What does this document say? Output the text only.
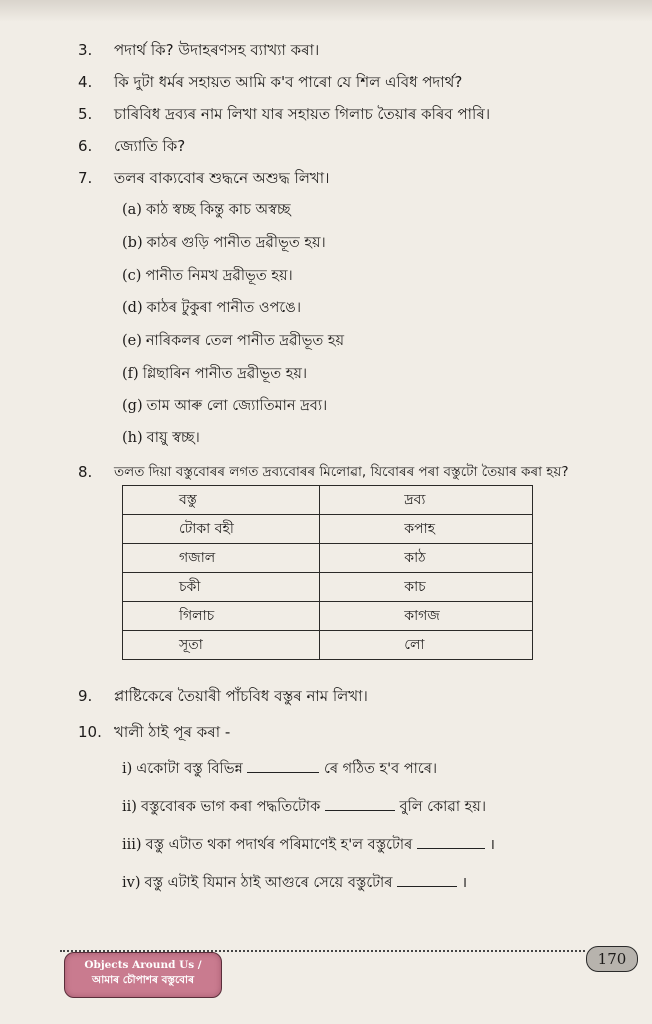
3.	পদাৰ্থ কি? উদাহৰণসহ ব্যাখ্যা কৰা।
4.	কি দুটা ধৰ্মৰ সহায়ত আমি ক'ব পাৰো যে শিল এবিধ পদাৰ্থ?
5.	চাৰিবিধ দ্ৰব্যৰ নাম লিখা যাৰ সহায়ত গিলাচ তৈয়াৰ কৰিব পাৰি।
6.	জ্যোতি কি?
7.	তলৰ বাক্যবোৰ শুদ্ধনে অশুদ্ধ লিখা।
(a) কাঠ স্বচ্ছ কিন্তু কাচ অস্বচ্ছ
(b) কাঠৰ গুড়ি পানীত দ্ৰৱীভূত হয়।
(c) পানীত নিমখ দ্ৰৱীভূত হয়।
(d) কাঠৰ টুকুৰা পানীত ওপঙে।
(e) নাৰিকলৰ তেল পানীত দ্ৰৱীভূত হয়
(f) গ্লিছাৰিন পানীত দ্ৰৱীভূত হয়।
(g) তাম আৰু লো জ্যোতিমান দ্ৰব্য।
(h) বায়ু স্বচ্ছ।
8.	তলত দিয়া বস্তুবোৰৰ লগত দ্ৰব্যবোৰৰ মিলোৱা, যিবোৰৰ পৰা বস্তুটো তৈয়াৰ কৰা হয়?
বস্তু	দ্ৰব্য
টোকা বহী	কপাহ
গজাল	কাঠ
চকী	কাচ
গিলাচ	কাগজ
সূতা	লো
9.	প্লাষ্টিকেৰে তৈয়াৰী পাঁচবিধ বস্তুৰ নাম লিখা।
10. খালী ঠাই পূৰ কৰা -
i) একোটা বস্তু বিভিন্ন	ৰে গঠিত হ'ব পাৰে।
ii) বস্তুবোৰক ভাগ কৰা পদ্ধতিটোক	বুলি কোৱা হয়।
iii) বস্তু এটাত থকা পদাৰ্থৰ পৰিমাণেই হ'ল বস্তুটোৰ	।
iv) বস্তু এটাই যিমান ঠাই আগুৰে সেয়ে বস্তুটোৰ	।
Objects Around Us /
আমাৰ চৌপাশৰ বস্তুবোৰ
170
